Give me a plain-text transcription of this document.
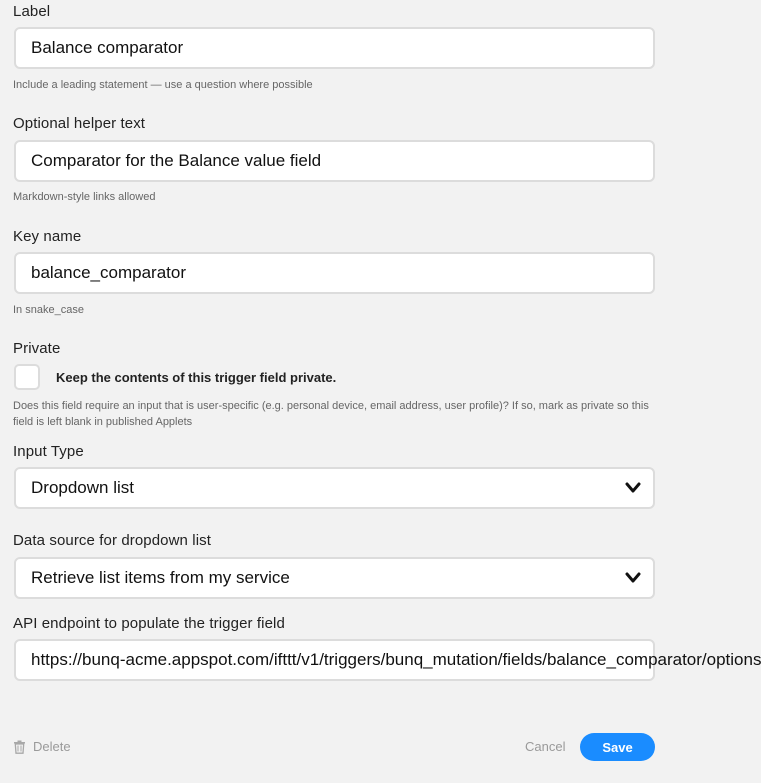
Label
Balance comparator
Include a leading statement — use a question where possible
Optional helper text
Comparator for the Balance value field
Markdown-style links allowed
Key name
balance_comparator
In snake_case
Private
Keep the contents of this trigger field private.
Does this field require an input that is user-specific (e.g. personal device, email address, user profile)? If so, mark as private so this field is left blank in published Applets
Input Type
Dropdown list
Data source for dropdown list
Retrieve list items from my service
API endpoint to populate the trigger field
https://bunq-acme.appspot.com/ifttt/v1/triggers/bunq_mutation/fields/balance_comparator/options
Delete	Cancel	Save
